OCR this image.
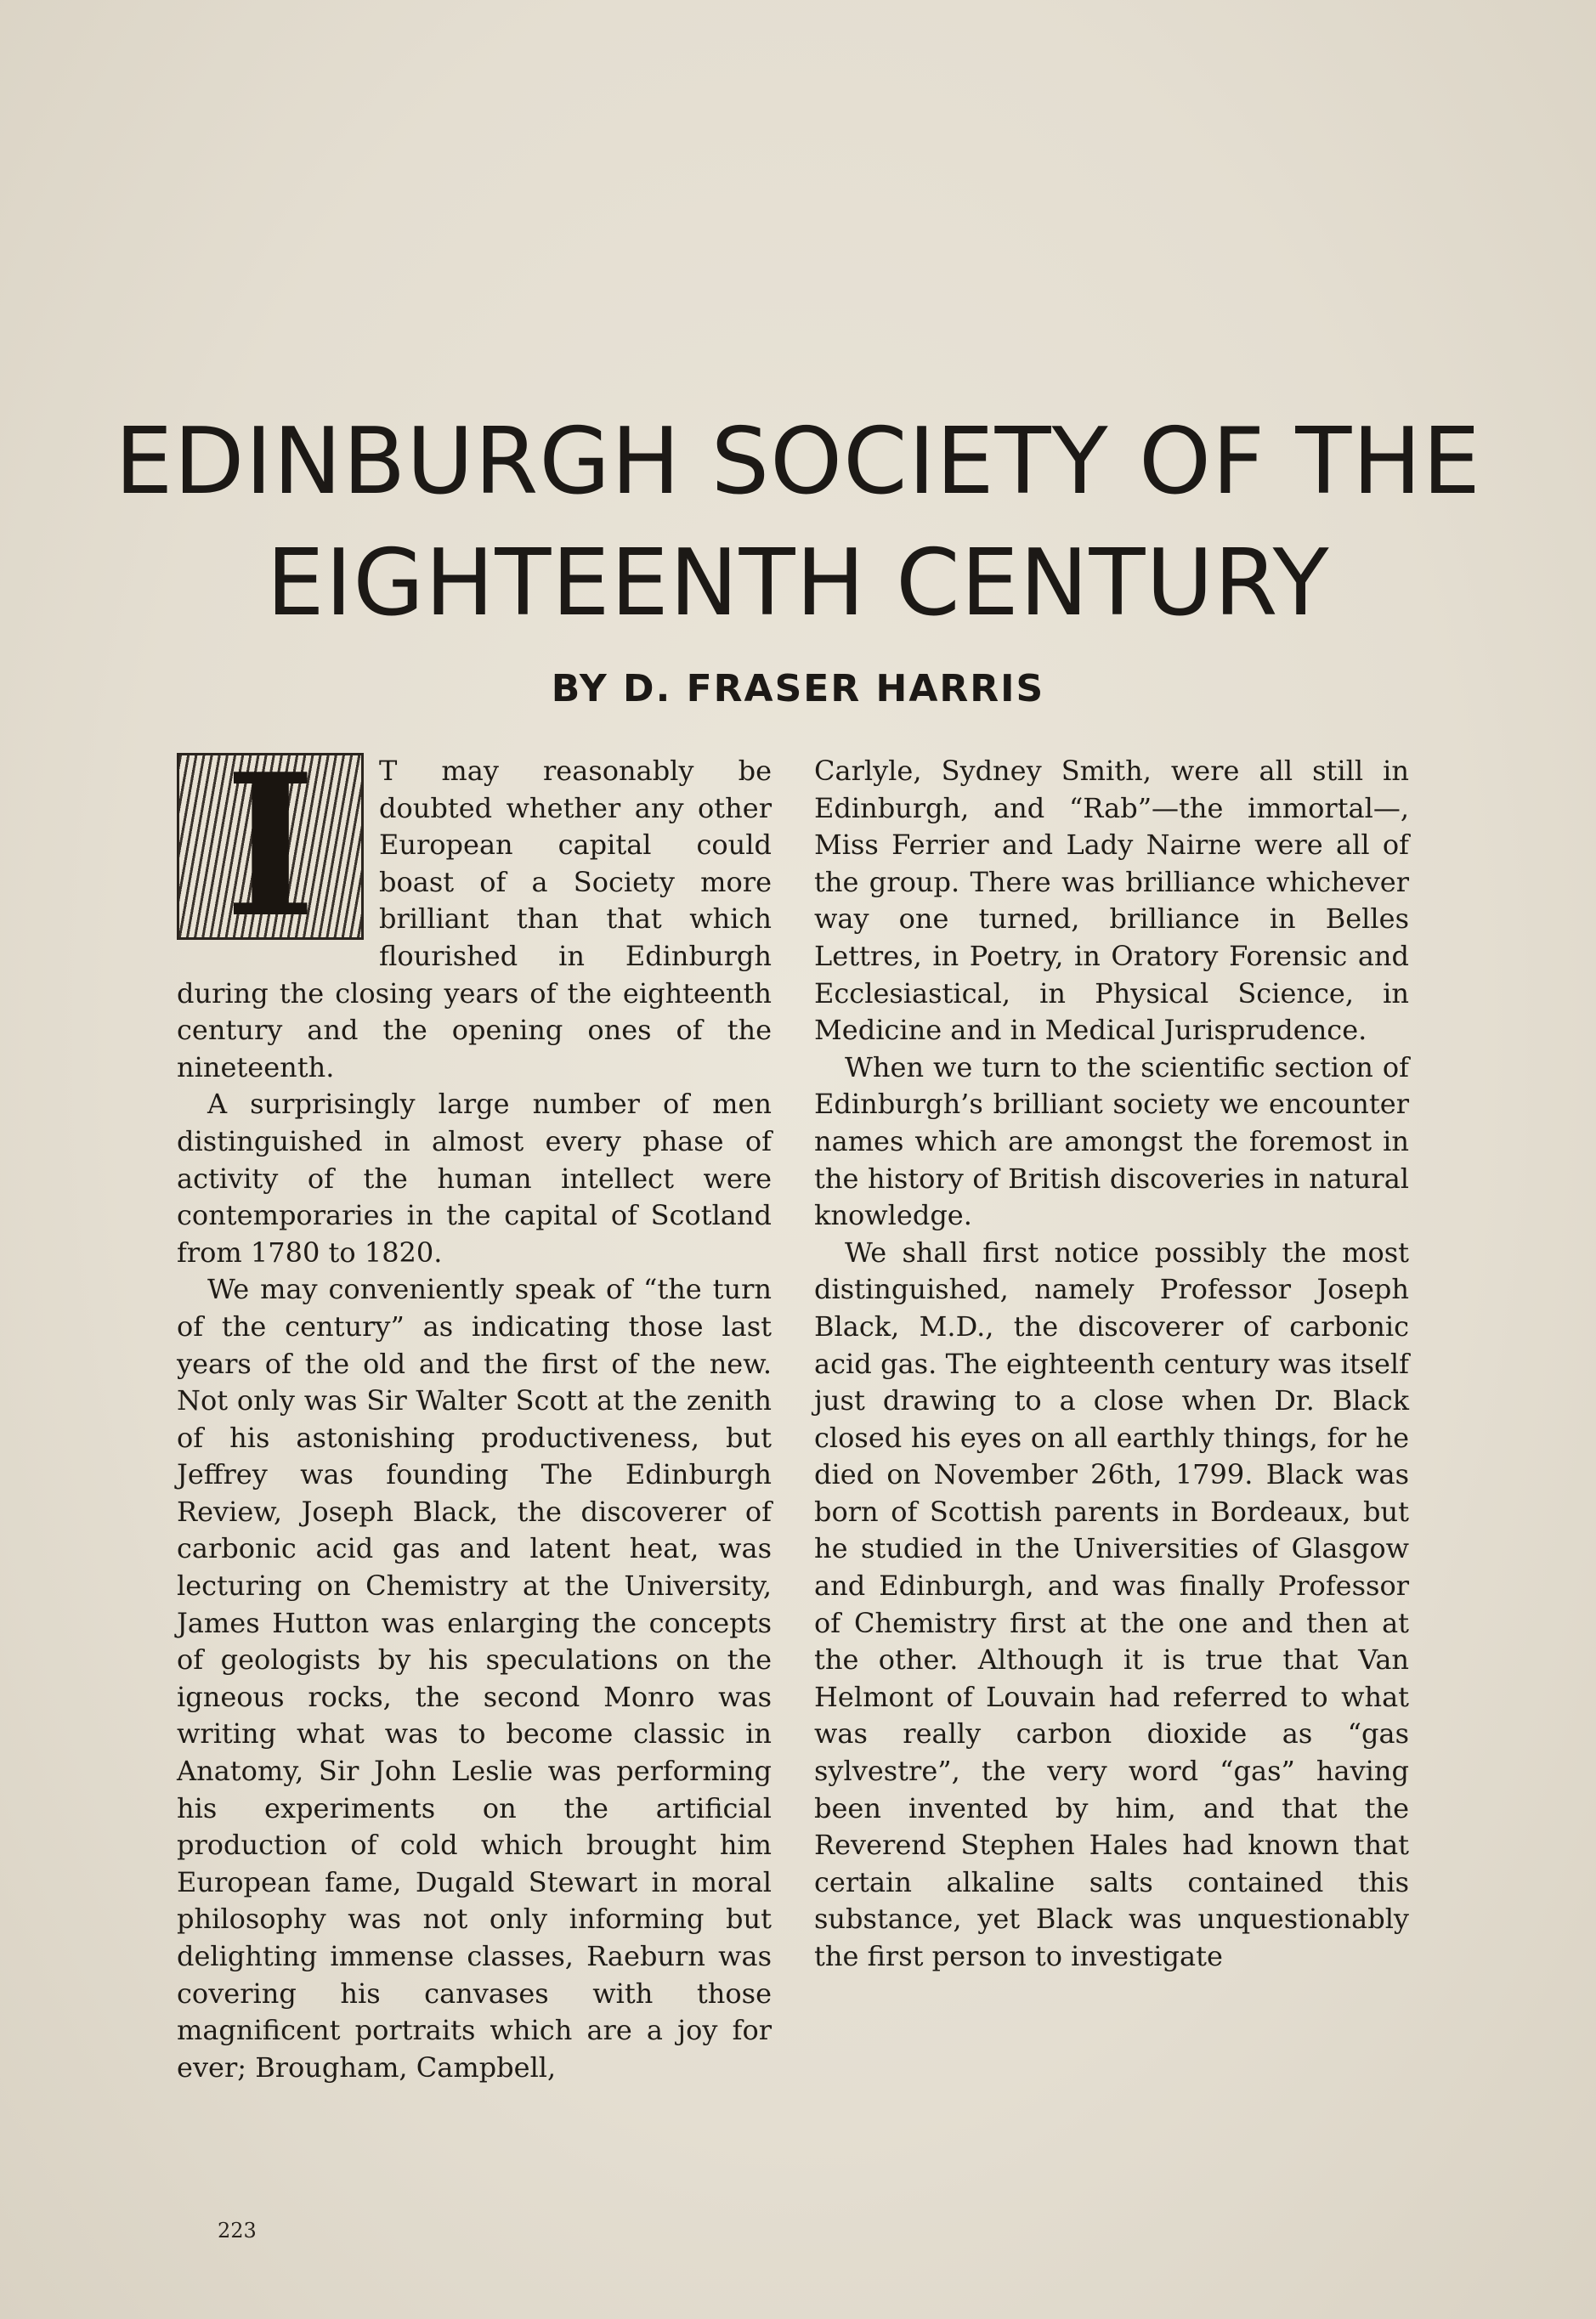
EDINBURGH SOCIETY OF THE
EIGHTEENTH CENTURY
BY D. FRASER HARRIS
I	T may reasonably be doubted whether any other European capital could boast of a Society more brilliant than that which flourished in Edinburgh during the closing years of the eighteenth century and the opening ones of the nineteenth.

A surprisingly large number of men distinguished in almost every phase of activity of the human intellect were contemporaries in the capital of Scotland from 1780 to 1820.

We may conveniently speak of “the turn of the century” as indicating those last years of the old and the first of the new. Not only was Sir Walter Scott at the zenith of his astonishing productiveness, but Jeffrey was founding The Edinburgh Review, Joseph Black, the discoverer of carbonic acid gas and latent heat, was lecturing on Chemistry at the University, James Hutton was enlarging the concepts of geologists by his speculations on the igneous rocks, the second Monro was writing what was to become classic in Anatomy, Sir John Leslie was performing his experiments on the artificial production of cold which brought him European fame, Dugald Stewart in moral philosophy was not only informing but delighting immense classes, Raeburn was covering his canvases with those magnificent portraits which are a joy for ever; Brougham, Campbell,

Carlyle, Sydney Smith, were all still in Edinburgh, and “Rab”—the immortal—, Miss Ferrier and Lady Nairne were all of the group. There was brilliance whichever way one turned, brilliance in Belles Lettres, in Poetry, in Oratory Forensic and Ecclesiastical, in Physical Science, in Medicine and in Medical Jurisprudence.

When we turn to the scientific section of Edinburgh’s brilliant society we encounter names which are amongst the foremost in the history of British discoveries in natural knowledge.

We shall first notice possibly the most distinguished, namely Professor Joseph Black, M.D., the discoverer of carbonic acid gas. The eighteenth century was itself just drawing to a close when Dr. Black closed his eyes on all earthly things, for he died on November 26th, 1799. Black was born of Scottish parents in Bordeaux, but he studied in the Universities of Glasgow and Edinburgh, and was finally Professor of Chemistry first at the one and then at the other. Although it is true that Van Helmont of Louvain had referred to what was really carbon dioxide as “gas sylvestre”, the very word “gas” having been invented by him, and that the Reverend Stephen Hales had known that certain alkaline salts contained this substance, yet Black was unquestionably the first person to investigate

223
